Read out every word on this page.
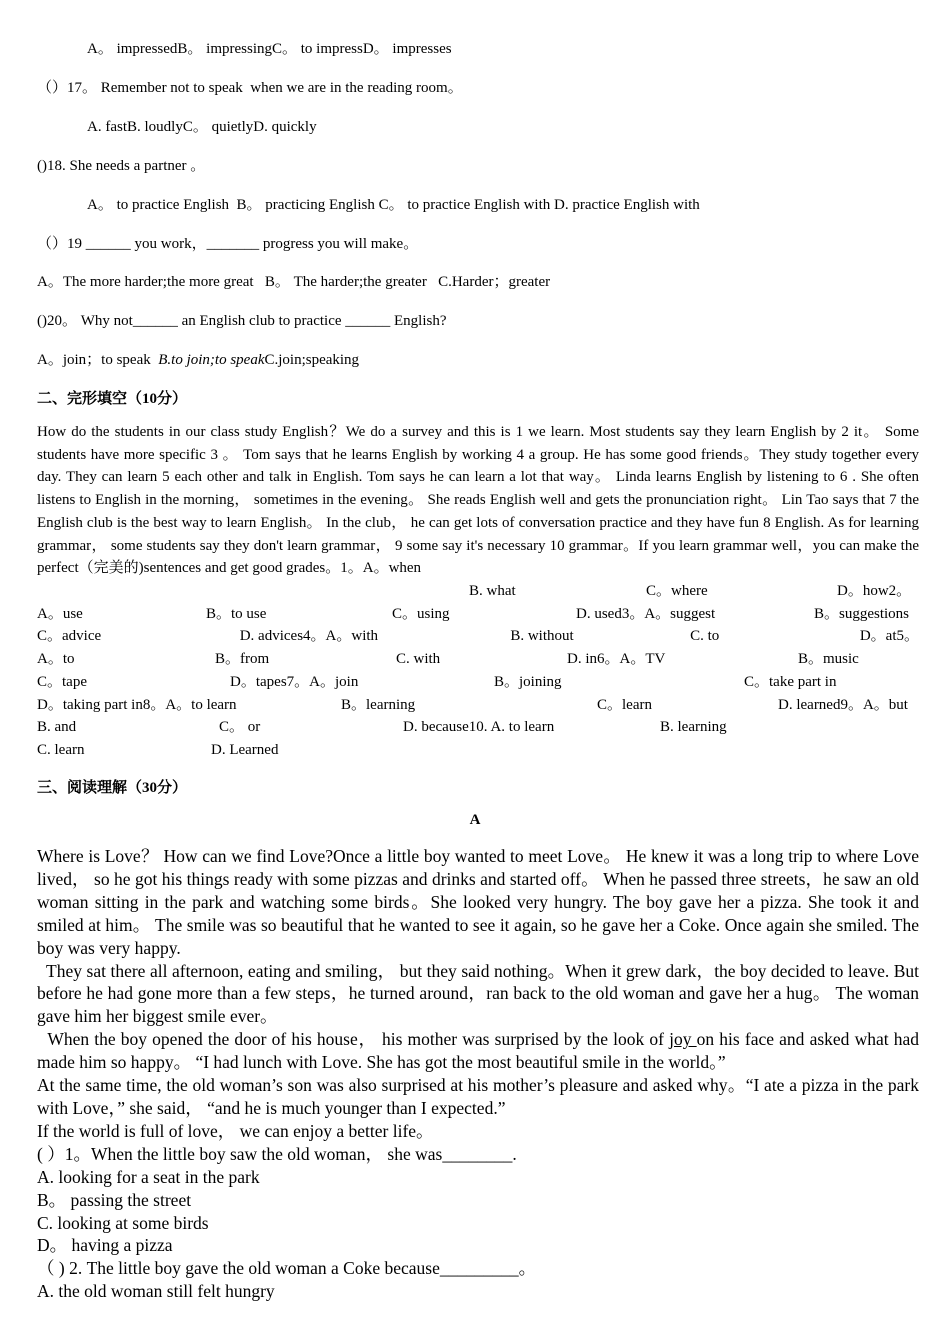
A。 impressedB。 impressingC。 to impressD。 impresses
（）17。 Remember not to speak  when we are in the reading room。
A. fastB. loudlyC。 quietlyD. quickly
()18. She needs a partner 。
A。 to practice English  B。 practicing English C。 to practice English with D. practice English with
（）19 ______ you work，_______ progress you will make。
A。The more harder;the more great   B。 The harder;the greater   C.Harder；greater
()20。 Why not______ an English club to practice ______ English?
A。join；to speak  B.to join;to speakC.join;speaking
二、完形填空（10分）
How do the students in our class study English？We do a survey and this is 1 we learn. Most students say they learn English by 2 it。 Some students have more specific 3 。 Tom says that he learns English by working 4 a group. He has some good friends。They study together every day. They can learn 5 each other and talk in English. Tom says he can learn a lot that way。 Linda learns English by listening to 6 . She often listens to English in the morning， sometimes in the evening。 She reads English well and gets the pronunciation right。 Lin Tao says that 7 the English club is the best way to learn English。 In the club， he can get lots of conversation practice and they have fun 8 English. As for learning grammar， some students say they don't learn grammar， 9 some say it's necessary 10 grammar。If you learn grammar well，you can make the perfect（完美的)sentences and get good grades。1。A。when
B. what	C。where	D。how2。
A。use	B。to use	C。using	D. used3。A。suggest	B。suggestions
C。advice	D. advices4。A。with	B. without	C. to	D。at5。
A。to	B。from	C. with	D. in6。A。TV	B。music
C。tape	D。tapes7。A。join	B。joining	C。take part in
D。taking part in8。A。to learn	B。learning	C。learn	D. learned9。A。but
B. and	C。 or	D. because10. A. to learn	B. learning
C. learn	D. Learned
三、阅读理解（30分）
A
Where is Love？ How can we find Love?Once a little boy wanted to meet Love。 He knew it was a long trip to where Love lived， so he got his things ready with some pizzas and drinks and started off。 When he passed three streets，he saw an old woman sitting in the park and watching some birds。She looked very hungry. The boy gave her a pizza. She took it and smiled at him。 The smile was so beautiful that he wanted to see it again, so he gave her a Coke. Once again she smiled. The boy was very happy.
They sat there all afternoon, eating and smiling， but they said nothing。When it grew dark，the boy decided to leave. But before he had gone more than a few steps，he turned around，ran back to the old woman and gave her a hug。 The woman gave him her biggest smile ever。
When the boy opened the door of his house， his mother was surprised by the look of joy on his face and asked what had made him so happy。 “I had lunch with Love. She has got the most beautiful smile in the world。”
At the same time, the old woman’s son was also surprised at his mother’s pleasure and asked why。“I ate a pizza in the park with Love，” she said， “and he is much younger than I expected.”
If the world is full of love， we can enjoy a better life。
( ）1。When the little boy saw the old woman， she was________.
A. looking for a seat in the park
B。 passing the street
C. looking at some birds
D。 having a pizza
（ ) 2. The little boy gave the old woman a Coke because_________。
A. the old woman still felt hungry
